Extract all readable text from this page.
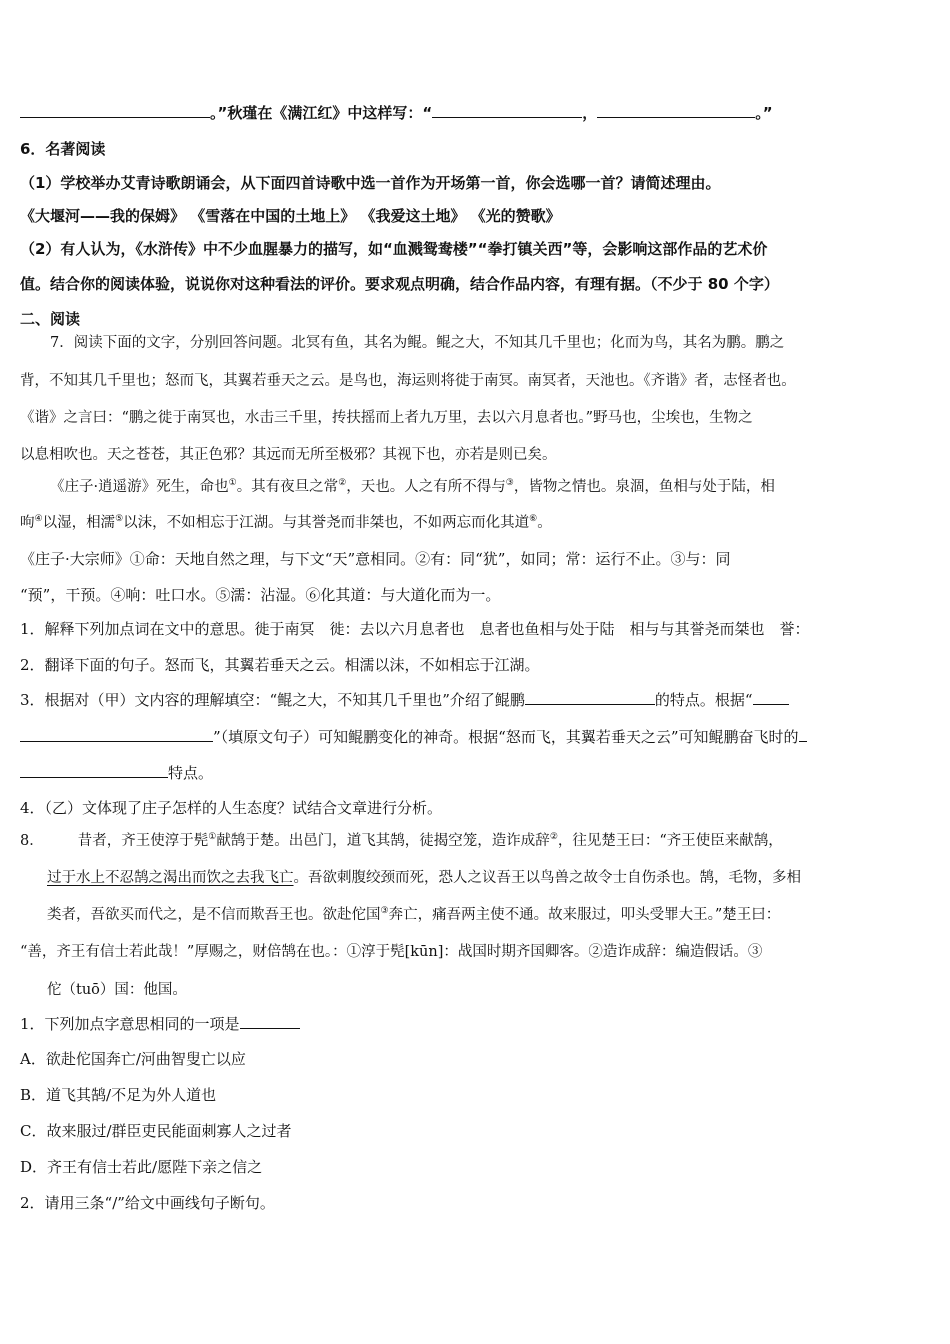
。”秋瑾在《满江红》中这样写：“	，	。”
6．名著阅读
（1）学校举办艾青诗歌朗诵会，从下面四首诗歌中选一首作为开场第一首，你会选哪一首？请简述理由。
《大堰河——我的保姆》 《雪落在中国的土地上》 《我爱这土地》 《光的赞歌》
（2）有人认为，《水浒传》中不少血腥暴力的描写，如“血溅鸳鸯楼”“拳打镇关西”等，会影响这部作品的艺术价
值。结合你的阅读体验，说说你对这种看法的评价。要求观点明确，结合作品内容，有理有据。（不少于 80 个字）
二、阅读
7．阅读下面的文字，分别回答问题。北冥有鱼，其名为鲲。鲲之大，不知其几千里也；化而为鸟，其名为鹏。鹏之
背，不知其几千里也；怒而飞，其翼若垂天之云。是鸟也，海运则将徙于南冥。南冥者，天池也。《齐谐》者，志怪者也。
《谐》之言曰：“鹏之徙于南冥也，水击三千里，抟扶摇而上者九万里，去以六月息者也。”野马也，尘埃也，生物之
以息相吹也。天之苍苍，其正色邪？其远而无所至极邪？其视下也，亦若是则已矣。
《庄子·逍遥游》死生，命也①。其有夜旦之常②，天也。人之有所不得与③，皆物之情也。泉涸，鱼相与处于陆，相
呴④以湿，相濡⑤以沫，不如相忘于江湖。与其誉尧而非桀也，不如两忘而化其道⑥。
《庄子·大宗师》①命：天地自然之理，与下文“天”意相同。②有：同“犹”，如同；常：运行不止。③与：同
“预”，干预。④响：吐口水。⑤濡：沾湿。⑥化其道：与大道化而为一。
1．解释下列加点词在文中的意思。徙于南冥　徙：去以六月息者也　息者也鱼相与处于陆　相与与其誉尧而桀也　誉：
2．翻译下面的句子。怒而飞，其翼若垂天之云。相濡以沫，不如相忘于江湖。
3．根据对（甲）文内容的理解填空：“鲲之大，不知其几千里也”介绍了鲲鹏	的特点。根据“
”（填原文句子）可知鲲鹏变化的神奇。根据“怒而飞，其翼若垂天之云”可知鲲鹏奋飞时的
特点。
4．（乙）文体现了庄子怎样的人生态度？试结合文章进行分析。
8． 昔者，齐王使淳于髡①献鹄于楚。出邑门，道飞其鹄，徒揭空笼，造诈成辞②，往见楚王曰：“齐王使臣来献鹄，
过于水上不忍鹄之渴出而饮之去我飞亡。吾欲刺腹绞颈而死，恐人之议吾王以鸟兽之故令士自伤杀也。鹄，毛物，多相
类者，吾欲买而代之，是不信而欺吾王也。欲赴佗国③奔亡，痛吾两主使不通。故来服过，叩头受罪大王。”楚王曰：
“善，齐王有信士若此哉！”厚赐之，财倍鹄在也。：①淳于髡[kūn]：战国时期齐国卿客。②造诈成辞：编造假话。③
佗（tuō）国：他国。
1．下列加点字意思相同的一项是
A．欲赴佗国奔亡/河曲智叟亡以应
B．道飞其鹄/不足为外人道也
C．故来服过/群臣吏民能面刺寡人之过者
D．齐王有信士若此/愿陛下亲之信之
2．请用三条“/”给文中画线句子断句。
